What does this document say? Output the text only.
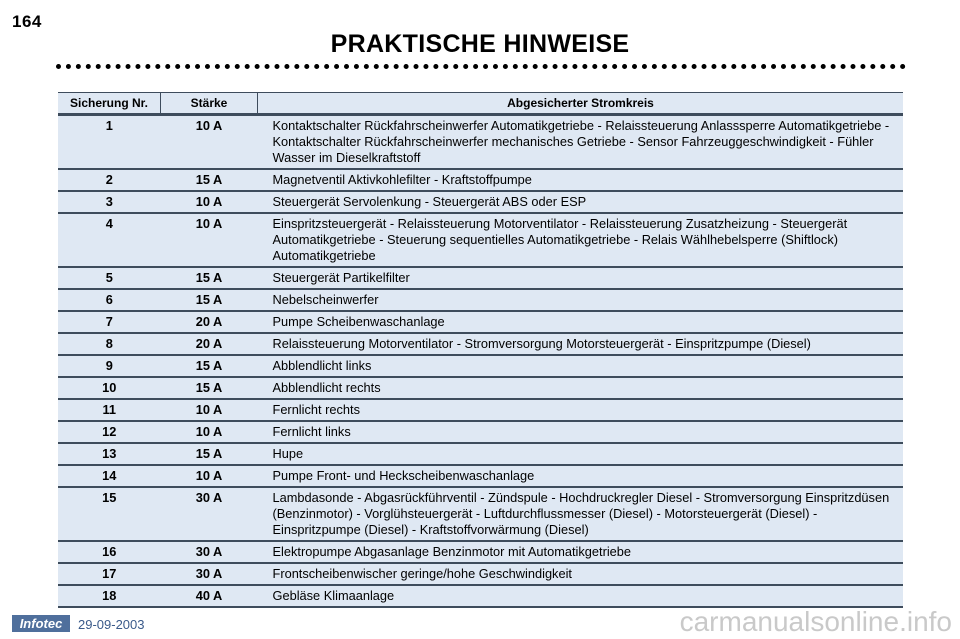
164
PRAKTISCHE HINWEISE
Sicherung Nr.	Stärke	Abgesicherter Stromkreis
1	10 A	Kontaktschalter Rückfahrscheinwerfer Automatikgetriebe - Relaissteuerung Anlasssperre Automatikgetriebe - Kontaktschalter Rückfahrscheinwerfer mechanisches Getriebe - Sensor Fahrzeuggeschwindigkeit - Fühler Wasser im Dieselkraftstoff
2	15 A	Magnetventil Aktivkohlefilter - Kraftstoffpumpe
3	10 A	Steuergerät Servolenkung - Steuergerät ABS oder ESP
4	10 A	Einspritzsteuergerät - Relaissteuerung Motorventilator - Relaissteuerung Zusatzheizung - Steuergerät Automatikgetriebe - Steuerung sequentielles Automatikgetriebe - Relais Wählhebelsperre (Shiftlock) Automatikgetriebe
5	15 A	Steuergerät Partikelfilter
6	15 A	Nebelscheinwerfer
7	20 A	Pumpe Scheibenwaschanlage
8	20 A	Relaissteuerung Motorventilator - Stromversorgung Motorsteuergerät - Einspritzpumpe (Diesel)
9	15 A	Abblendlicht links
10	15 A	Abblendlicht rechts
11	10 A	Fernlicht rechts
12	10 A	Fernlicht links
13	15 A	Hupe
14	10 A	Pumpe Front- und Heckscheibenwaschanlage
15	30 A	Lambdasonde - Abgasrückführventil - Zündspule - Hochdruckregler Diesel - Stromversorgung Einspritzdüsen (Benzinmotor) - Vorglühsteuergerät - Luftdurchflussmesser (Diesel) - Motorsteuergerät (Diesel) - Einspritzpumpe (Diesel) - Kraftstoffvorwärmung (Diesel)
16	30 A	Elektropumpe Abgasanlage Benzinmotor mit Automatikgetriebe
17	30 A	Frontscheibenwischer geringe/hohe Geschwindigkeit
18	40 A	Gebläse Klimaanlage
Infotec	29-09-2003	carmanualsonline.info
